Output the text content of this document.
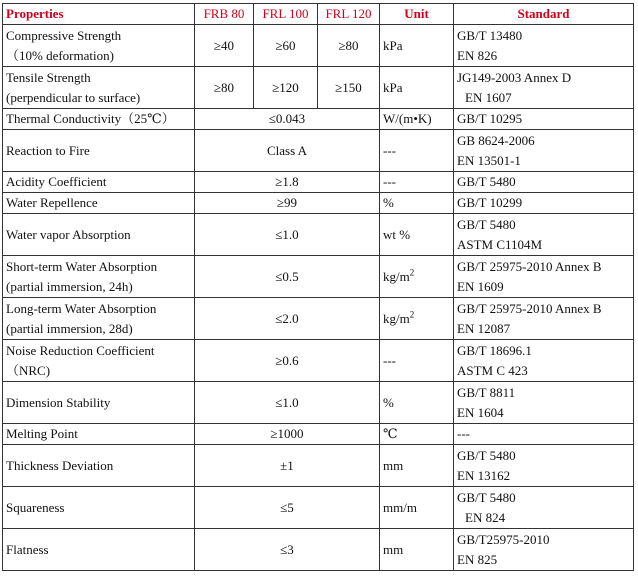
Properties	FRB 80	FRL 100	FRL 120	Unit	Standard

Compressive Strength
（10% deformation)	≥40	≥60	≥80	kPa	GB/T 13480
EN 826

Tensile Strength
(perpendicular to surface)	≥80	≥120	≥150	kPa	JG149-2003 Annex D
EN 1607

Thermal Conductivity（25℃）	≤0.043			W/(m•K)	GB/T 10295
Reaction to Fire	Class A			---	GB 8624-2006
EN 13501-1

Acidity Coefficient	≥1.8			---	GB/T 5480
Water Repellence	≥99			%	GB/T 10299
Water vapor Absorption	≤1.0			wt %	GB/T 5480
ASTM C1104M

Short-term Water Absorption
(partial immersion, 24h)	≤0.5			$kg/m^2$	GB/T 25975-2010 Annex B
EN 1609

Long-term Water Absorption
(partial immersion, 28d)	≤2.0			$kg/m^2$	GB/T 25975-2010 Annex B
EN 12087

Noise Reduction Coefficient
（NRC)	≥0.6			---	GB/T 18696.1
ASTM C 423

Dimension Stability	≤1.0			%	GB/T 8811
EN 1604

Melting Point	≥1000			℃	---
Thickness Deviation	±1			mm	GB/T 5480
EN 13162

Squareness	≤5			mm/m	GB/T 5480
EN 824

Flatness	≤3			mm	GB/T25975-2010
EN 825
